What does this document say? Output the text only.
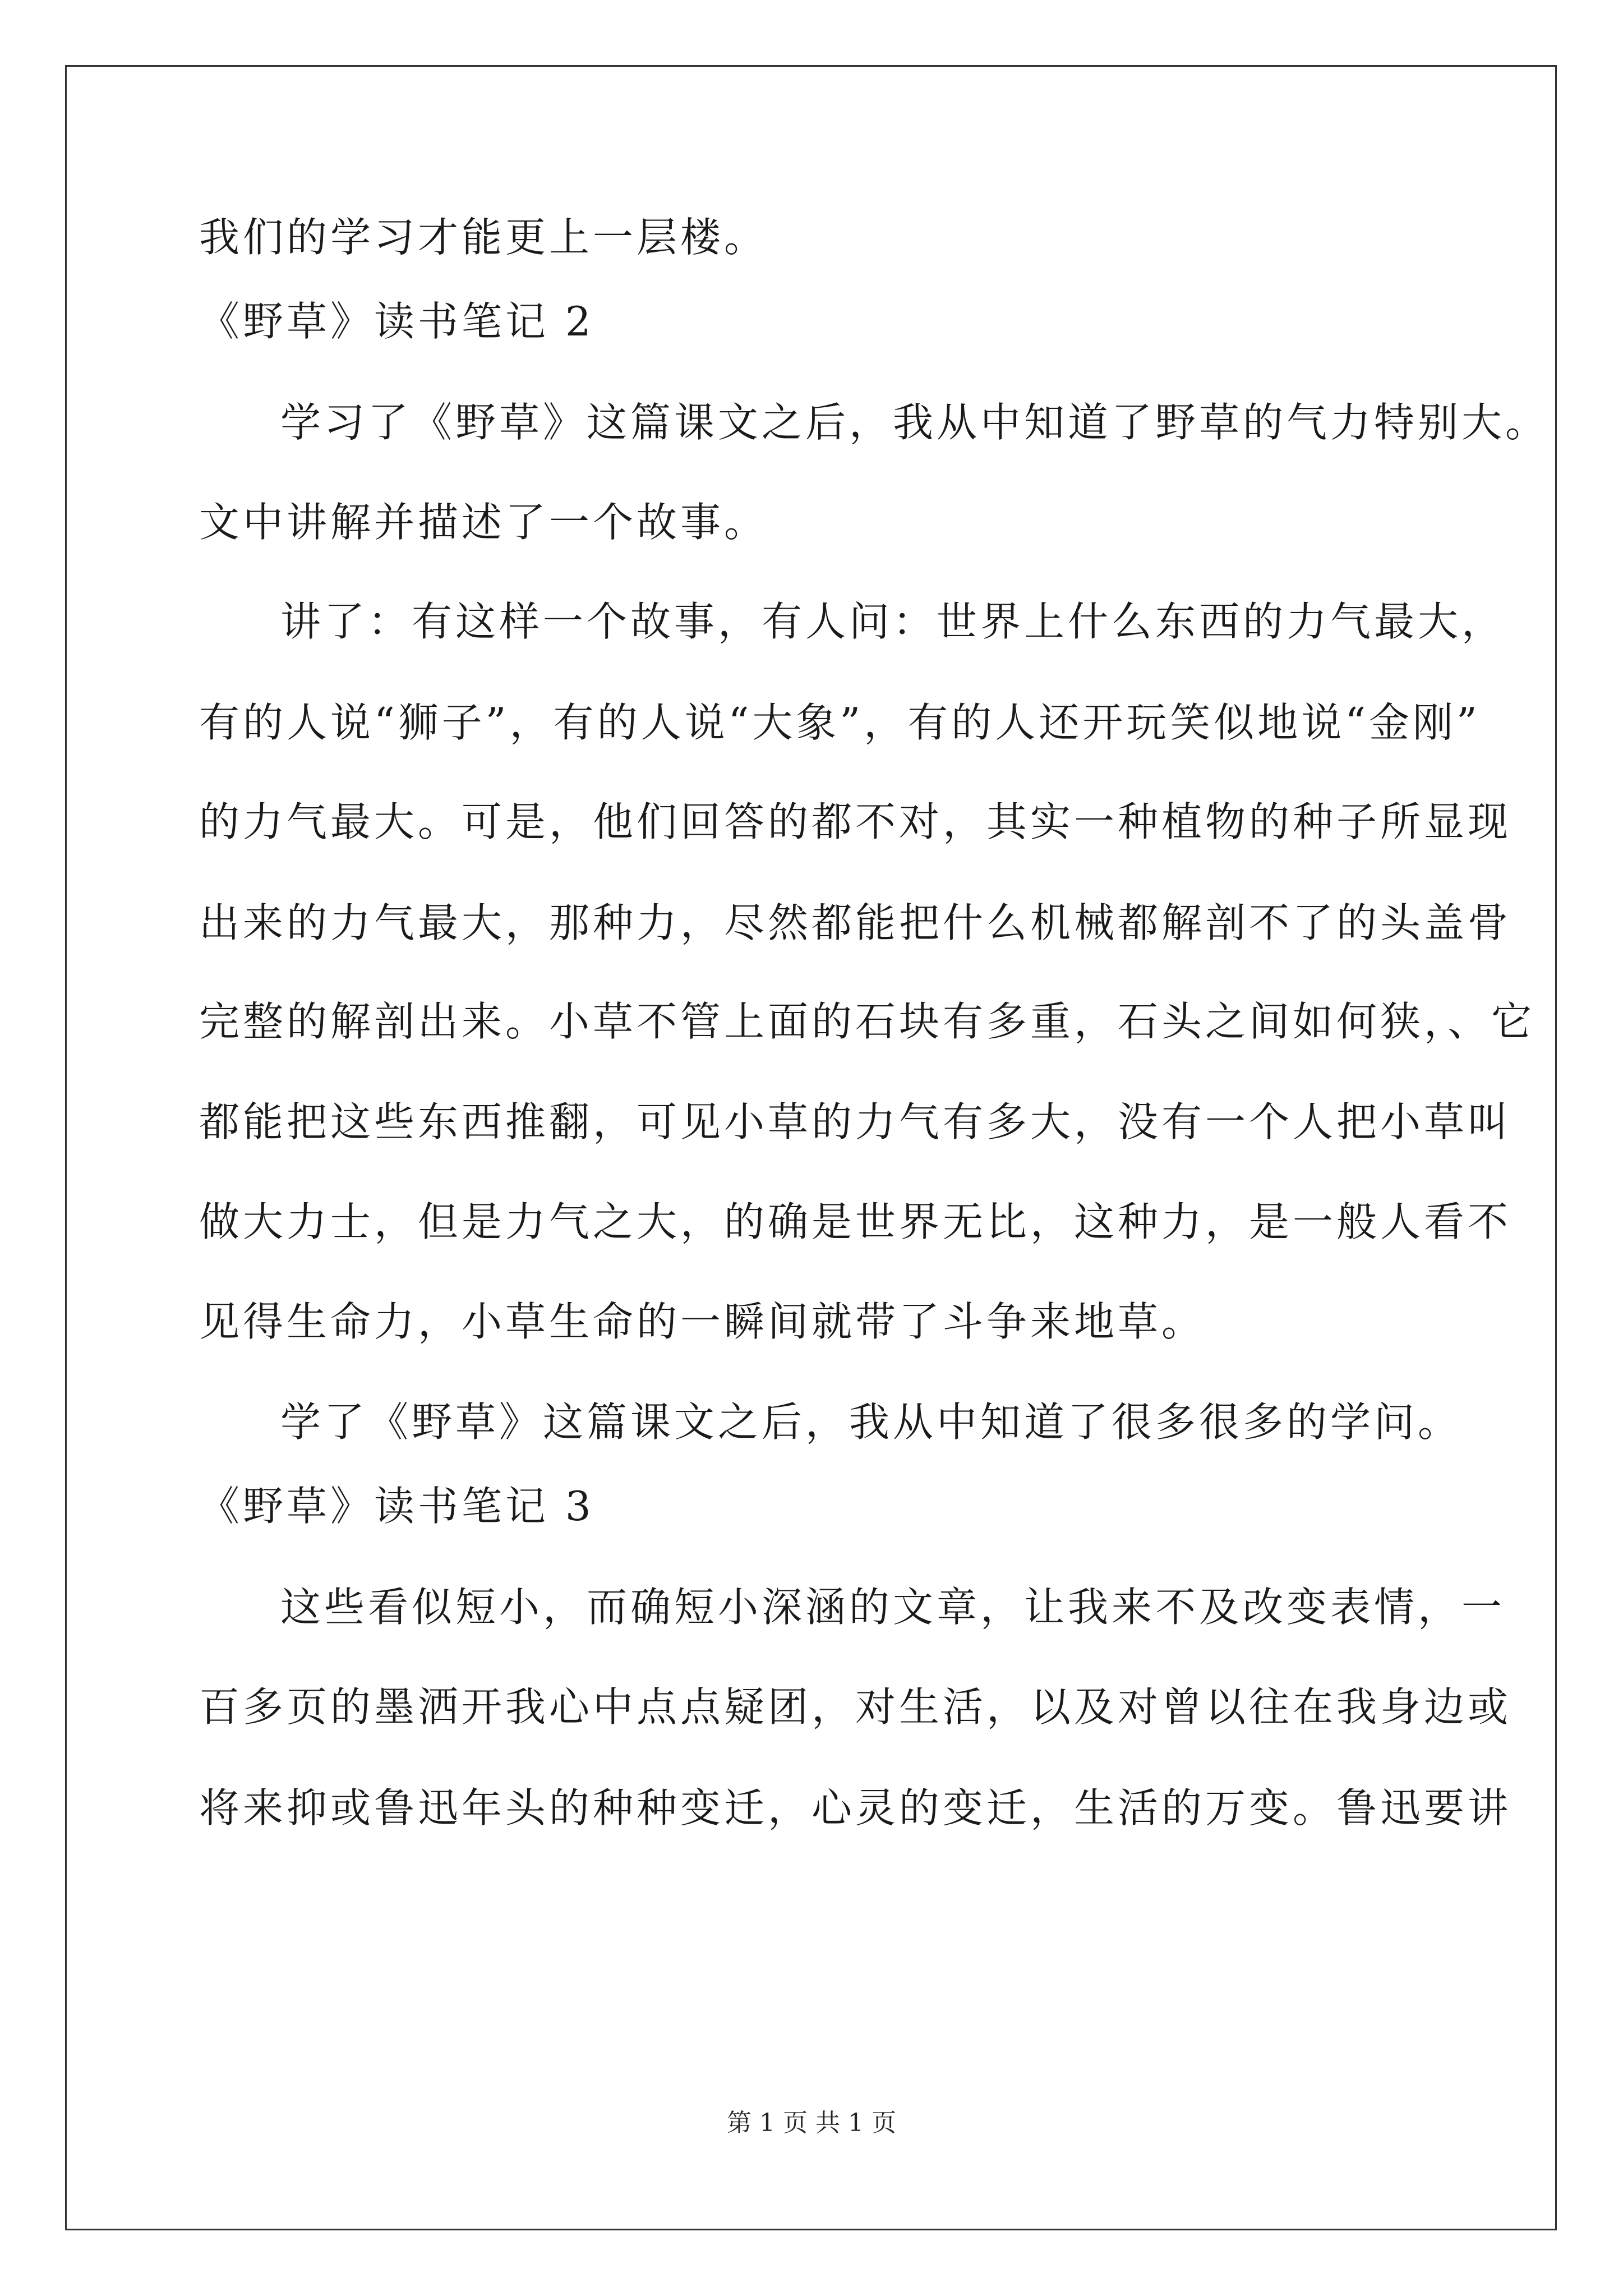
我们的学习才能更上一层楼。
《野草》读书笔记 2
学习了《野草》这篇课文之后，我从中知道了野草的气力特别大。
文中讲解并描述了一个故事。
讲了：有这样一个故事，有人问：世界上什么东西的力气最大，
有的人说“狮子”，有的人说“大象”，有的人还开玩笑似地说“金刚”
的力气最大。可是，他们回答的都不对，其实一种植物的种子所显现
出来的力气最大，那种力，尽然都能把什么机械都解剖不了的头盖骨
完整的解剖出来。小草不管上面的石块有多重，石头之间如何狭，、它
都能把这些东西推翻，可见小草的力气有多大，没有一个人把小草叫
做大力士，但是力气之大，的确是世界无比，这种力，是一般人看不
见得生命力，小草生命的一瞬间就带了斗争来地草。
学了《野草》这篇课文之后，我从中知道了很多很多的学问。
《野草》读书笔记 3
这些看似短小，而确短小深涵的文章，让我来不及改变表情，一
百多页的墨洒开我心中点点疑团，对生活，以及对曾以往在我身边或
将来抑或鲁迅年头的种种变迁，心灵的变迁，生活的万变。鲁迅要讲
第 1 页 共 1 页
